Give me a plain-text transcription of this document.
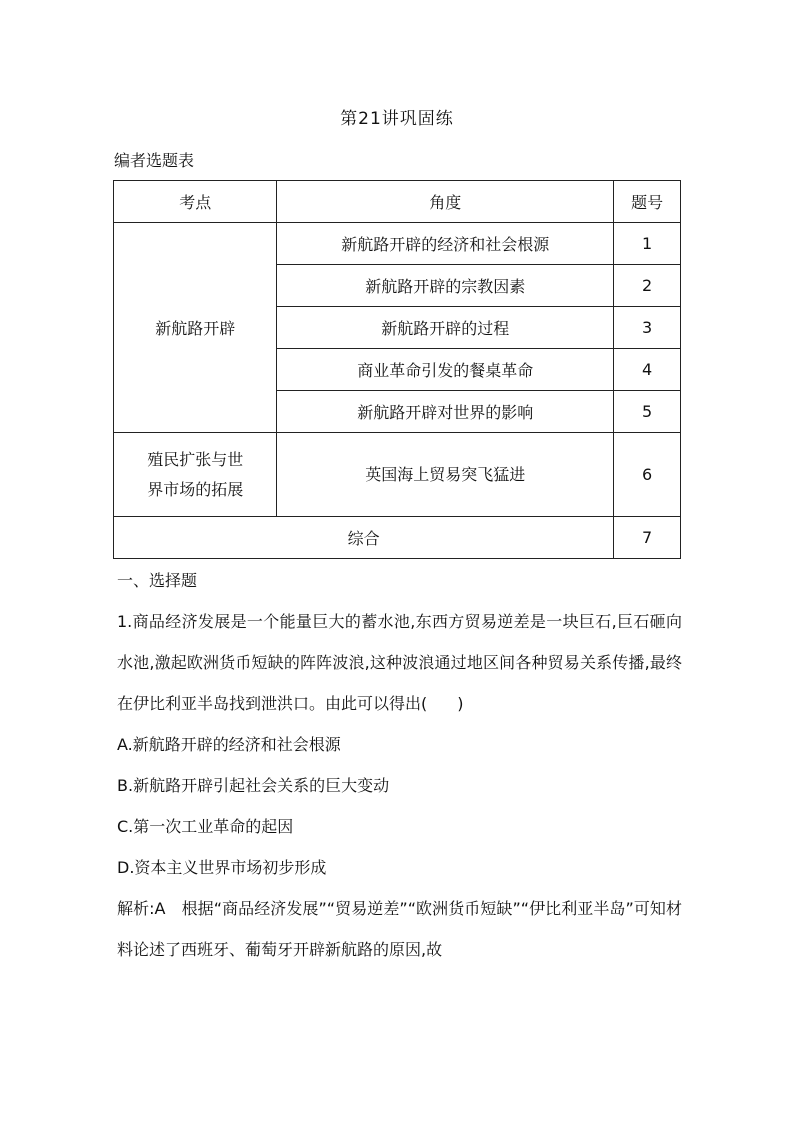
第21讲巩固练
编者选题表
考点	角度	题号
新航路开辟	新航路开辟的经济和社会根源	1
	新航路开辟的宗教因素	2
	新航路开辟的过程	3
	商业革命引发的餐桌革命	4
	新航路开辟对世界的影响	5

殖民扩张与世
界市场的拓展	英国海上贸易突飞猛进	6
综合		7

一、选择题

1.商品经济发展是一个能量巨大的蓄水池,东西方贸易逆差是一块巨石,巨石砸向水池,激起欧洲货币短缺的阵阵波浪,这种波浪通过地区间各种贸易关系传播,最终在伊比利亚半岛找到泄洪口。由此可以得出( )

A.新航路开辟的经济和社会根源

B.新航路开辟引起社会关系的巨大变动

C.第一次工业革命的起因

D.资本主义世界市场初步形成

解析:A　根据“商品经济发展”“贸易逆差”“欧洲货币短缺”“伊比利亚半岛”可知材料论述了西班牙、葡萄牙开辟新航路的原因,故
